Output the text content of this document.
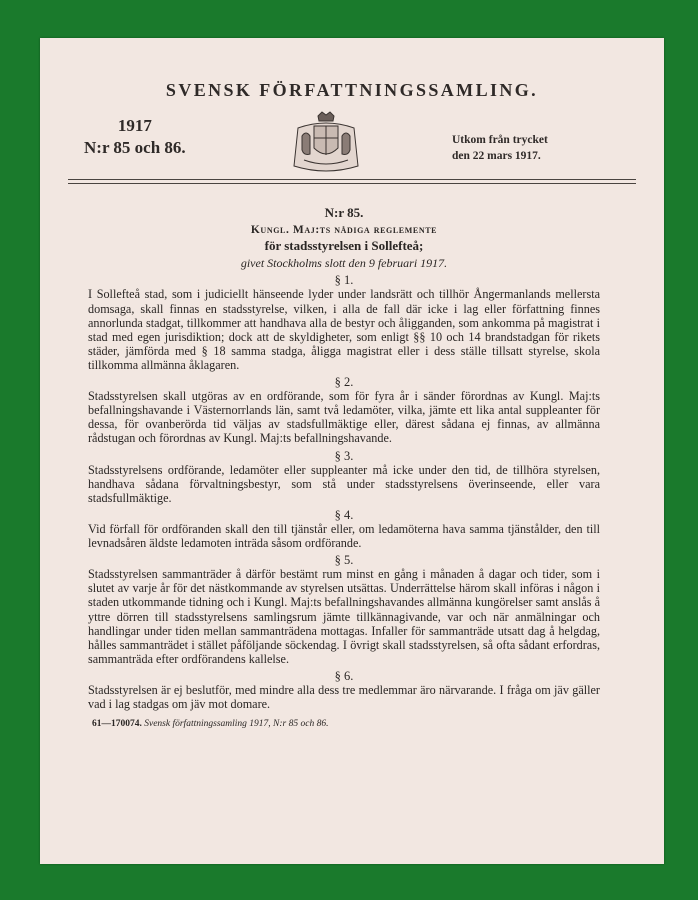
SVENSK FÖRFATTNINGSSAMLING.
1917
N:r 85 och 86.	Utkom från trycket
den 22 mars 1917.
N:r 85.
Kungl. Maj:ts nådiga reglemente
för stadsstyrelsen i Sollefteå;
givet Stockholms slott den 9 februari 1917.
§ 1.

I Sollefteå stad, som i judiciellt hänseende lyder under landsrätt och tillhör Ångermanlands mellersta domsaga, skall finnas en stadsstyrelse, vilken, i alla de fall där icke i lag eller författning finnes annorlunda stadgat, tillkommer att handhava alla de bestyr och åligganden, som ankomma på magistrat i stad med egen jurisdiktion; dock att de skyldigheter, som enligt §§ 10 och 14 brandstadgan för rikets städer, jämförda med § 18 samma stadga, åligga magistrat eller i dess ställe tillsatt styrelse, skola tillkomma allmänna åklagaren.

§ 2.

Stadsstyrelsen skall utgöras av en ordförande, som för fyra år i sänder förordnas av Kungl. Maj:ts befallningshavande i Västernorrlands län, samt två ledamöter, vilka, jämte ett lika antal suppleanter för dessa, för ovanberörda tid väljas av stadsfullmäktige eller, därest sådana ej finnas, av allmänna rådstugan och förordnas av Kungl. Maj:ts befallningshavande.

§ 3.

Stadsstyrelsens ordförande, ledamöter eller suppleanter må icke under den tid, de tillhöra styrelsen, handhava sådana förvaltningsbestyr, som stå under stadsstyrelsens överinseende, eller vara stadsfullmäktige.

§ 4.

Vid förfall för ordföranden skall den till tjänstår eller, om ledamöterna hava samma tjänstålder, den till levnadsåren äldste ledamoten inträda såsom ordförande.

§ 5.

Stadsstyrelsen sammanträder å därför bestämt rum minst en gång i månaden å dagar och tider, som i slutet av varje år för det nästkommande av styrelsen utsättas. Underrättelse härom skall införas i någon i staden utkommande tidning och i Kungl. Maj:ts befallningshavandes allmänna kungörelser samt anslås å yttre dörren till stadsstyrelsens samlingsrum jämte tillkännagivande, var och när anmälningar och handlingar under tiden mellan sammanträdena mottagas. Infaller för sammanträde utsatt dag å helgdag, hålles sammanträdet i stället påföljande söckendag. I övrigt skall stadsstyrelsen, så ofta sådant erfordras, sammanträda efter ordförandens kallelse.

§ 6.

Stadsstyrelsen är ej beslutför, med mindre alla dess tre medlemmar äro närvarande. I fråga om jäv gäller vad i lag stadgas om jäv mot domare.

61—170074. Svensk författningssamling 1917, N:r 85 och 86.
